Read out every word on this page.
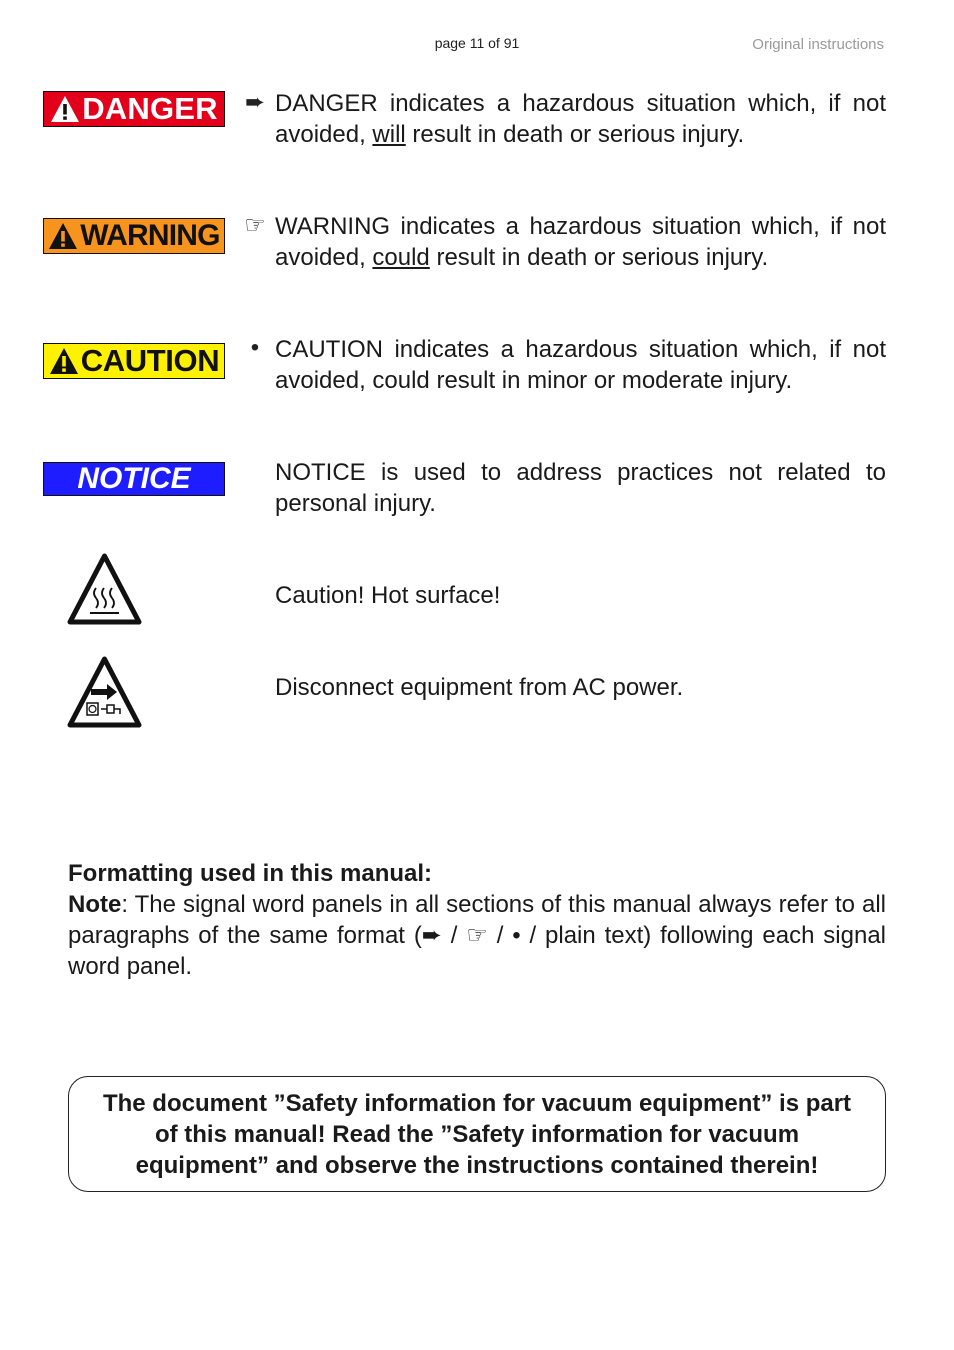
page 11 of 91	Original instructions
DANGER ➨ DANGER indicates a hazardous situation which, if not avoided, will result in death or serious injury.
WARNING ☞ WARNING indicates a hazardous situation which, if not avoided, could result in death or serious injury.
CAUTION	• CAUTION indicates a hazardous situation which, if not avoided, could result in minor or moderate injury.
NOTICE	NOTICE is used to address practices not related to personal injury.
Caution! Hot surface!
Disconnect equipment from AC power.
Formatting used in this manual:
Note: The signal word panels in all sections of this manual always refer to all paragraphs of the same format (➨ / ☞ / • / plain text) following each signal word panel.
The document ”Safety information for vacuum equipment” is part of this manual! Read the ”Safety information for vacuum equipment” and observe the instructions contained therein!
